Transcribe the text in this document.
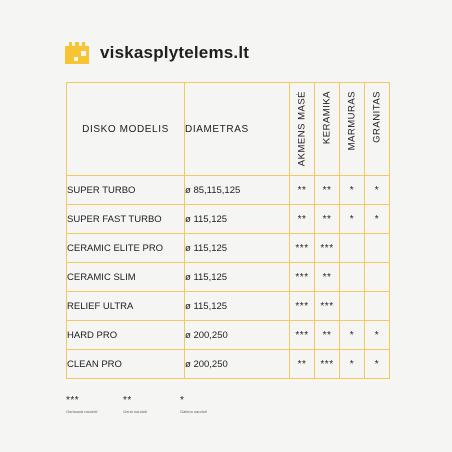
viskasplytelems.lt
DISKO MODELIS	DIAMETRAS	AKMENS MASĖ	KERAMIKA	MARMURAS	GRANITAS

SUPER TURBO	ø 85,115,125	**	**	*	*
SUPER FAST TURBO	ø 115,125	**	**	*	*
CERAMIC ELITE PRO	ø 115,125	***	***		
CERAMIC SLIM	ø 115,125	***	**		
RELIEF ULTRA	ø 115,125	***	***		
HARD PRO	ø 200,250	***	**	*	*
CLEAN PRO	ø 200,250	**	***	*	*
***
Geriausia naudoti
**
Gerai naudoti
*
Galima naudoti
